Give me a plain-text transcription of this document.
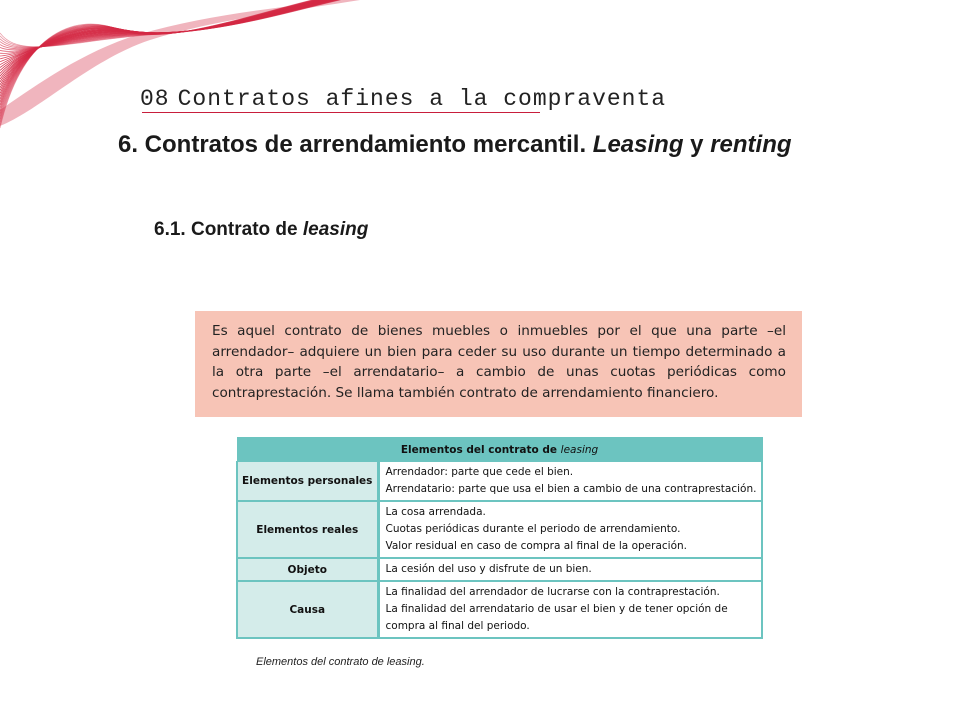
08 Contratos afines a la compraventa
6. Contratos de arrendamiento mercantil. Leasing y renting
6.1. Contrato de leasing
Es aquel contrato de bienes muebles o inmuebles por el que una parte –el arrendador– adquiere un bien para ceder su uso durante un tiempo determinado a la otra parte –el arrendatario– a cambio de unas cuotas periódicas como contraprestación. Se llama también contrato de arrendamiento financiero.
Elementos del contrato de leasing	
Elementos personales	Arrendador: parte que cede el bien.
Arrendatario: parte que usa el bien a cambio de una contraprestación.

Elementos reales	La cosa arrendada.
Cuotas periódicas durante el periodo de arrendamiento.
Valor residual en caso de compra al final de la operación.

Objeto	La cesión del uso y disfrute de un bien.

Causa	La finalidad del arrendador de lucrarse con la contraprestación.
La finalidad del arrendatario de usar el bien y de tener opción de compra al final del periodo.
Elementos del contrato de leasing.
